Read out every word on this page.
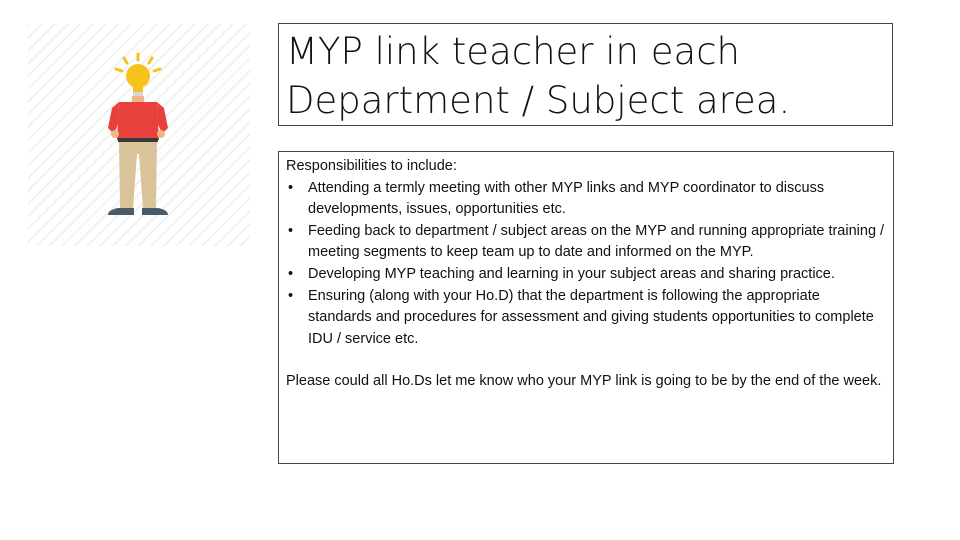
MYP link teacher in each
Department / Subject area.

Responsibilities to include:

• Attending a termly meeting with other MYP links and MYP coordinator to discuss developments, issues, opportunities etc.
• Feeding back to department / subject areas on the MYP and running appropriate training / meeting segments to keep team up to date and informed on the MYP.
• Developing MYP teaching and learning in your subject areas and sharing practice.
• Ensuring (along with your Ho.D) that the department is following the appropriate standards and procedures for assessment and giving students opportunities to complete IDU / service etc.

Please could all Ho.Ds let me know who your MYP link is going to be by the end of the week.
